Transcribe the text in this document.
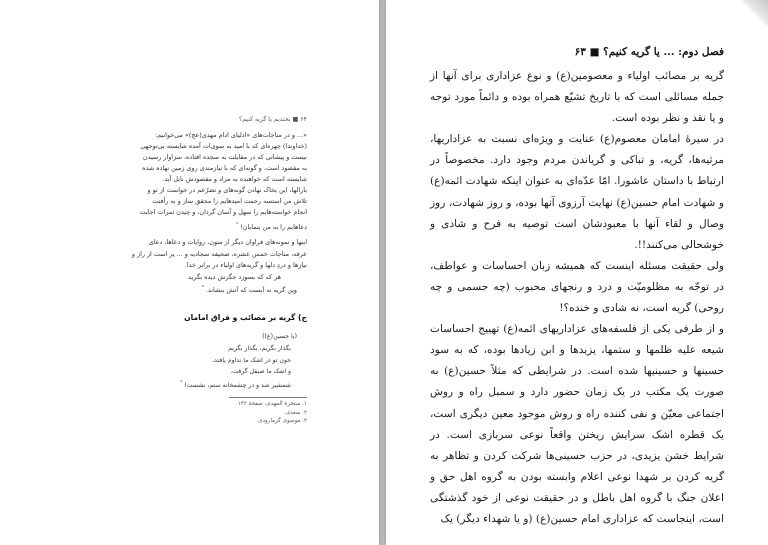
۶۴ ■ بخندیم یا گریه کنیم؟
«... و در مناجات‌های «ادلیای ادام مهدی(عج)» می‌خوانیم:
(خداوندا) چهره‌ای که با امید به سوی‌ات آمده شایسته بی‌توجهی
نیست و پیشانی که در مقابلت به سجده افتاده، سزاوار رسیدن
به مقصود است، و گونه‌ای که با نیازمندی روی زمین نهاده شده
شایسته است که خواهنده به مراد و مقصودش نایل آید.
بارالها، این بخاک نهادن گونه‌های و تضرّعم در خواست از تو و
تلاش من استسه رحمت امیدهایم را محقق ساز و به رأفتت
انجام خواسته‌هایم را سهل و آسان گردان، و چیدن ثمرات اجابت
دعاهایم را به من بنمایان! $^{^1}$
اینها و نمونه‌های فراوان دیگر از متون، روایات و دعاها، دعای
عرفه، مناجات خمس عشره، صحیفه سجادیه و ... پر است از راز و
نیازها و دردِ دلها و گریه‌های اولیاء در برابر خدا.
هر که که بسوزد جگرش دیده بگرید
وین گریه نه آیست که آتش بنشاند. $^{^2}$
ج) گریه بر مصائب و فراق امامان
(با حسین(ع))
بگذار بگریم، بگذار بگریم
خون تو در اشک ما نداوم یافتد،
و اشک ما صیقل گرفت.
شمشیر شد و در چشمخانه ستم، نشست! $^{^3}$
۱. ستحرۀ المهدی، صفحۀ ۱۴۳.
۲. سعدی.
۳. موسوی گرمارودی.
فصل دوم: ... یا گریه کنیم؟ ■ ۶۳

گریه بر مصائب اولیاء و معصومین(ع) و نوع عزاداری برای آنها از جمله مسائلی است که با تاریخ تشیّع همراه بوده و دائماً مورد توجه و یا نقد و نظر بوده است.

در سیرۀ امامان معصوم(ع) عنایت و ویژه‌ای نسبت به عزاداریها، مرثیه‌ها، گریه، و تباکی و گریاندن مردم وجود دارد. مخصوصاً در ارتباط با داستان عاشورا. امّا عدّه‌ای به عنوان اینکه شهادت ائمه(ع) و شهادت امام حسین(ع) نهایت آرزوی آنها بوده، و روز شهادت، روز وصال و لقاء آنها با معبودشان است توصیه به فرح و شادی و خوشحالی می‌کنند!!.

ولی حقیقت مسئله اینست که همیشه زبان احساسات و عواطف، در توجّه به مظلومیّت و درد و رنجهای محبوب (چه جسمی و چه روحی) گریه است، نه شادی و خنده؟!

و از طرفی یکی از فلسفه‌های عزاداریهای ائمه(ع) تهییج احساسات شیعه علیه ظلمها و ستمها، یزیدها و ابن زیادها بوده، که به سود حسینها و حسینیها شده است. در شرایطی که مثلاً حسین(ع) به صورت یک مکتب در یک زمان حضور دارد و سمبل راه و روش اجتماعی معیّن و نفی کننده راه و روش موجود معین دیگری است، یک قطره اشک سرایش ریختن واقعاً نوعی سربازی است. در شرایط خشن یزیدی، در حزب حسینی‌ها شرکت کردن و تظاهر به گریه کردن بر شهدا نوعی اعلام وابسته بودن به گروه اهل حق و اعلان جنگ با گروه اهل باطل و در حقیقت نوعی از خود گذشتگی است، اینجاست که عزاداری امام حسین(ع) (و یا شهداء دیگر) یک
